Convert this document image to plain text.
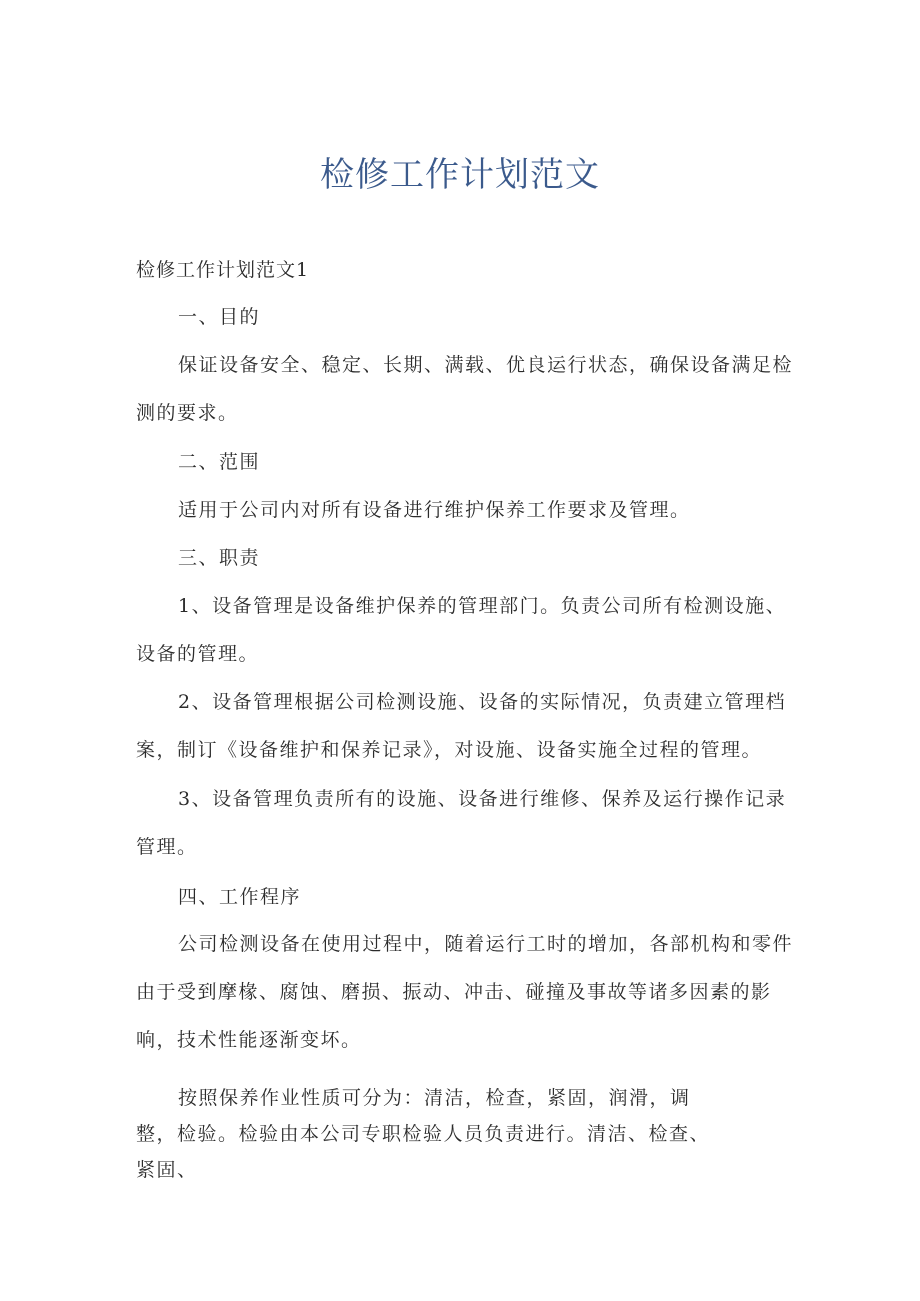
检修工作计划范文

检修工作计划范文1

一、目的

保证设备安全、稳定、长期、满载、优良运行状态，确保设备满足检测的要求。

二、范围

适用于公司内对所有设备进行维护保养工作要求及管理。

三、职责

1、设备管理是设备维护保养的管理部门。负责公司所有检测设施、设备的管理。

2、设备管理根据公司检测设施、设备的实际情况，负责建立管理档案，制订《设备维护和保养记录》，对设施、设备实施全过程的管理。

3、设备管理负责所有的设施、设备进行维修、保养及运行操作记录管理。

四、工作程序

公司检测设备在使用过程中，随着运行工时的增加，各部机构和零件由于受到摩椽、腐蚀、磨损、振动、冲击、碰撞及事故等诸多因素的影响，技术性能逐渐变坏。

按照保养作业性质可分为：清洁，检查，紧固，润滑，调整，检验。检验由本公司专职检验人员负责进行。清洁、检查、紧固、
